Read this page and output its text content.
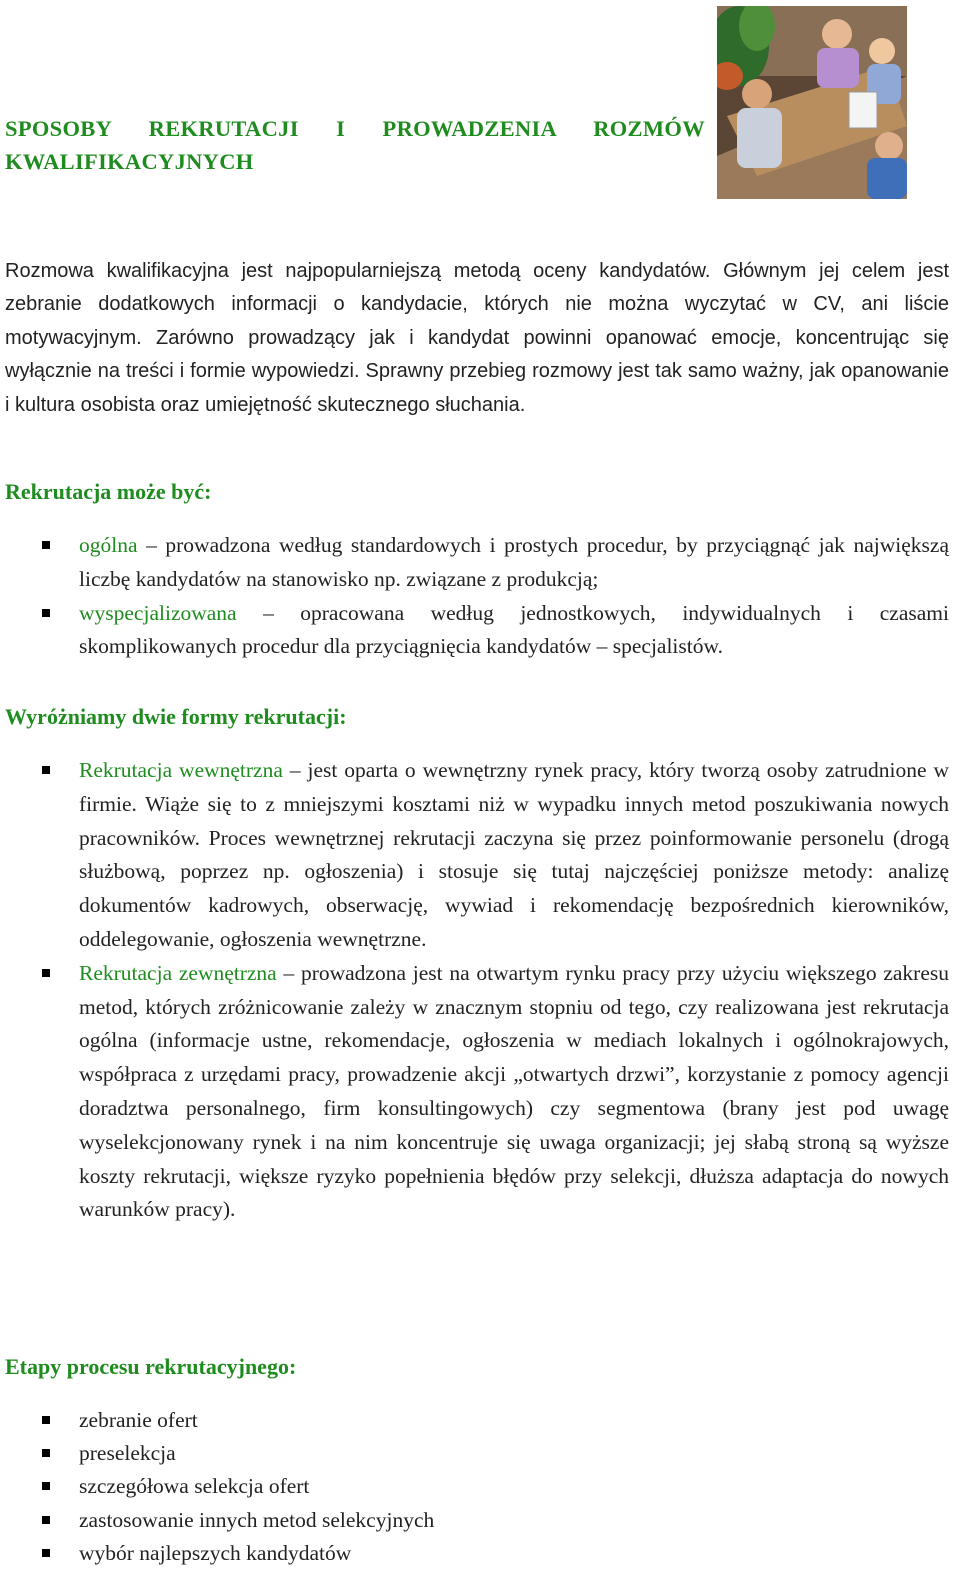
SPOSOBY REKRUTACJI I PROWADZENIA ROZMÓW KWALIFIKACYJNYCH
Rozmowa kwalifikacyjna jest najpopularniejszą metodą oceny kandydatów. Głównym jej celem jest zebranie dodatkowych informacji o kandydacie, których nie można wyczytać w CV, ani liście motywacyjnym. Zarówno prowadzący jak i kandydat powinni opanować emocje, koncentrując się wyłącznie na treści i formie wypowiedzi. Sprawny przebieg rozmowy jest tak samo ważny, jak opanowanie i kultura osobista oraz umiejętność skutecznego słuchania.
Rekrutacja może być:
ogólna – prowadzona według standardowych i prostych procedur, by przyciągnąć jak największą liczbę kandydatów na stanowisko np. związane z produkcją;
wyspecjalizowana – opracowana według jednostkowych, indywidualnych i czasami skomplikowanych procedur dla przyciągnięcia kandydatów – specjalistów.
Wyróżniamy dwie formy rekrutacji:
Rekrutacja wewnętrzna – jest oparta o wewnętrzny rynek pracy, który tworzą osoby zatrudnione w firmie. Wiąże się to z mniejszymi kosztami niż w wypadku innych metod poszukiwania nowych pracowników. Proces wewnętrznej rekrutacji zaczyna się przez poinformowanie personelu (drogą służbową, poprzez np. ogłoszenia) i stosuje się tutaj najczęściej poniższe metody: analizę dokumentów kadrowych, obserwację, wywiad i rekomendację bezpośrednich kierowników, oddelegowanie, ogłoszenia wewnętrzne.
Rekrutacja zewnętrzna – prowadzona jest na otwartym rynku pracy przy użyciu większego zakresu metod, których zróżnicowanie zależy w znacznym stopniu od tego, czy realizowana jest rekrutacja ogólna (informacje ustne, rekomendacje, ogłoszenia w mediach lokalnych i ogólnokrajowych, współpraca z urzędami pracy, prowadzenie akcji „otwartych drzwi”, korzystanie z pomocy agencji doradztwa personalnego, firm konsultingowych) czy segmentowa (brany jest pod uwagę wyselekcjonowany rynek i na nim koncentruje się uwaga organizacji; jej słabą stroną są wyższe koszty rekrutacji, większe ryzyko popełnienia błędów przy selekcji, dłuższa adaptacja do nowych warunków pracy).
Etapy procesu rekrutacyjnego:
zebranie ofert
preselekcja
szczegółowa selekcja ofert
zastosowanie innych metod selekcyjnych
wybór najlepszych kandydatów
